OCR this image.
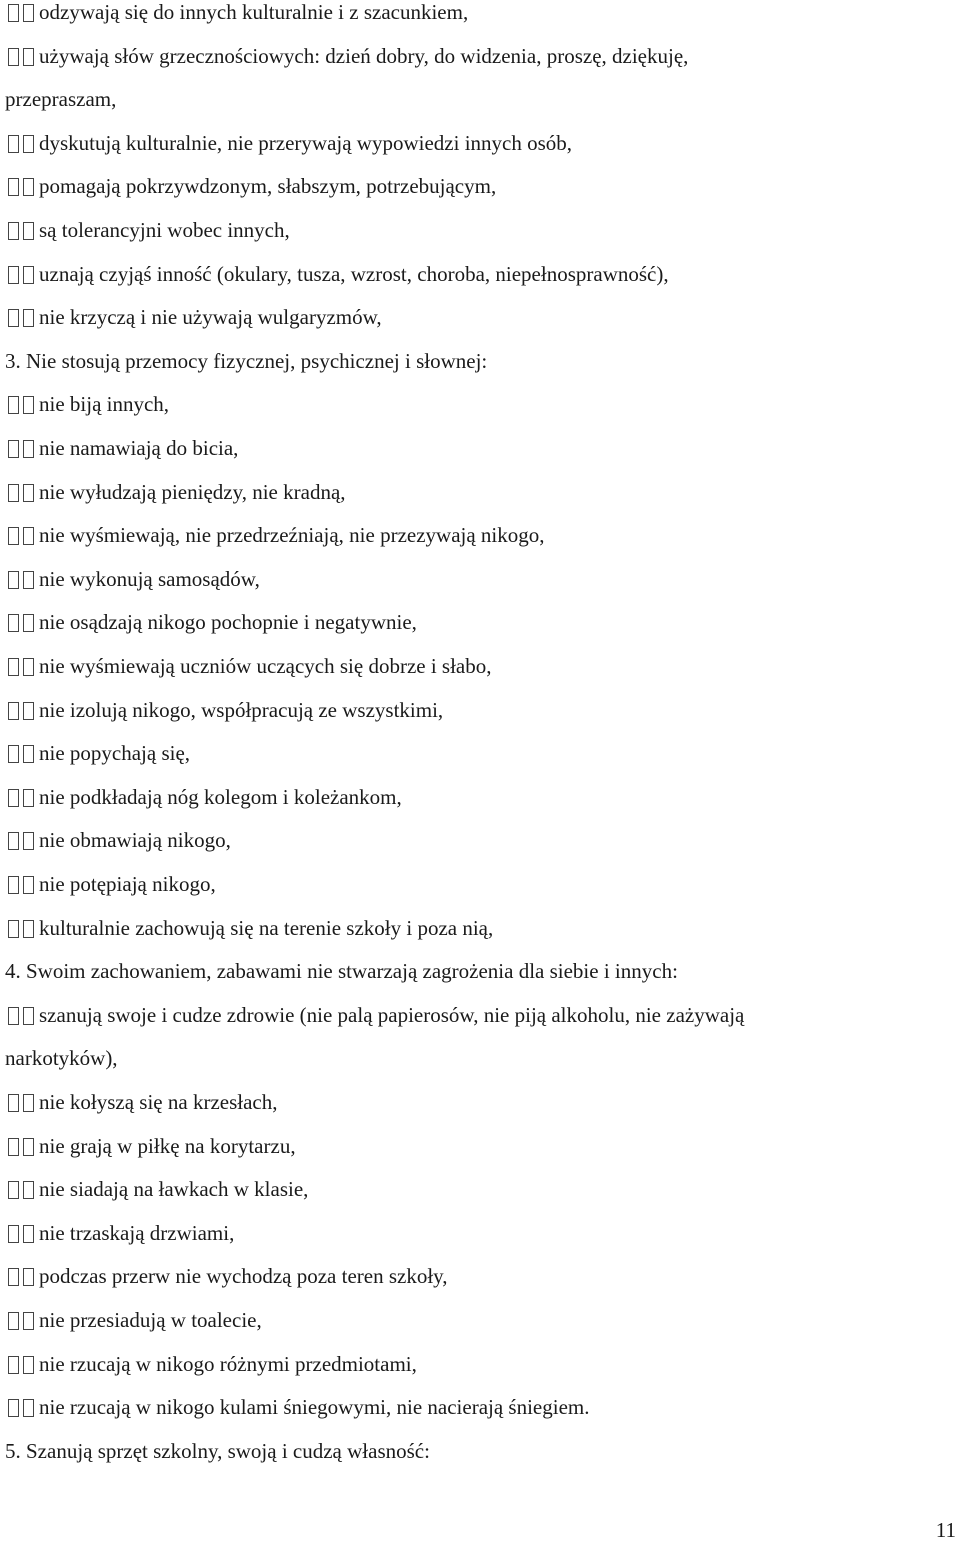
odzywają się do innych kulturalnie i z szacunkiem,
używają słów grzecznościowych: dzień dobry, do widzenia, proszę, dziękuję,
przepraszam,
dyskutują kulturalnie, nie przerywają wypowiedzi innych osób,
pomagają pokrzywdzonym, słabszym, potrzebującym,
są tolerancyjni wobec innych,
uznają czyjąś inność (okulary, tusza, wzrost, choroba, niepełnosprawność),
nie krzyczą i nie używają wulgaryzmów,
3. Nie stosują przemocy fizycznej, psychicznej i słownej:
nie biją innych,
nie namawiają do bicia,
nie wyłudzają pieniędzy, nie kradną,
nie wyśmiewają, nie przedrzeźniają, nie przezywają nikogo,
nie wykonują samosądów,
nie osądzają nikogo pochopnie i negatywnie,
nie wyśmiewają uczniów uczących się dobrze i słabo,
nie izolują nikogo, współpracują ze wszystkimi,
nie popychają się,
nie podkładają nóg kolegom i koleżankom,
nie obmawiają nikogo,
nie potępiają nikogo,
kulturalnie zachowują się na terenie szkoły i poza nią,
4. Swoim zachowaniem, zabawami nie stwarzają zagrożenia dla siebie i innych:
szanują swoje i cudze zdrowie (nie palą papierosów, nie piją alkoholu, nie zażywają
narkotyków),
nie kołyszą się na krzesłach,
nie grają w piłkę na korytarzu,
nie siadają na ławkach w klasie,
nie trzaskają drzwiami,
podczas przerw nie wychodzą poza teren szkoły,
nie przesiadują w toalecie,
nie rzucają w nikogo różnymi przedmiotami,
nie rzucają w nikogo kulami śniegowymi, nie nacierają śniegiem.
5. Szanują sprzęt szkolny, swoją i cudzą własność:
11
